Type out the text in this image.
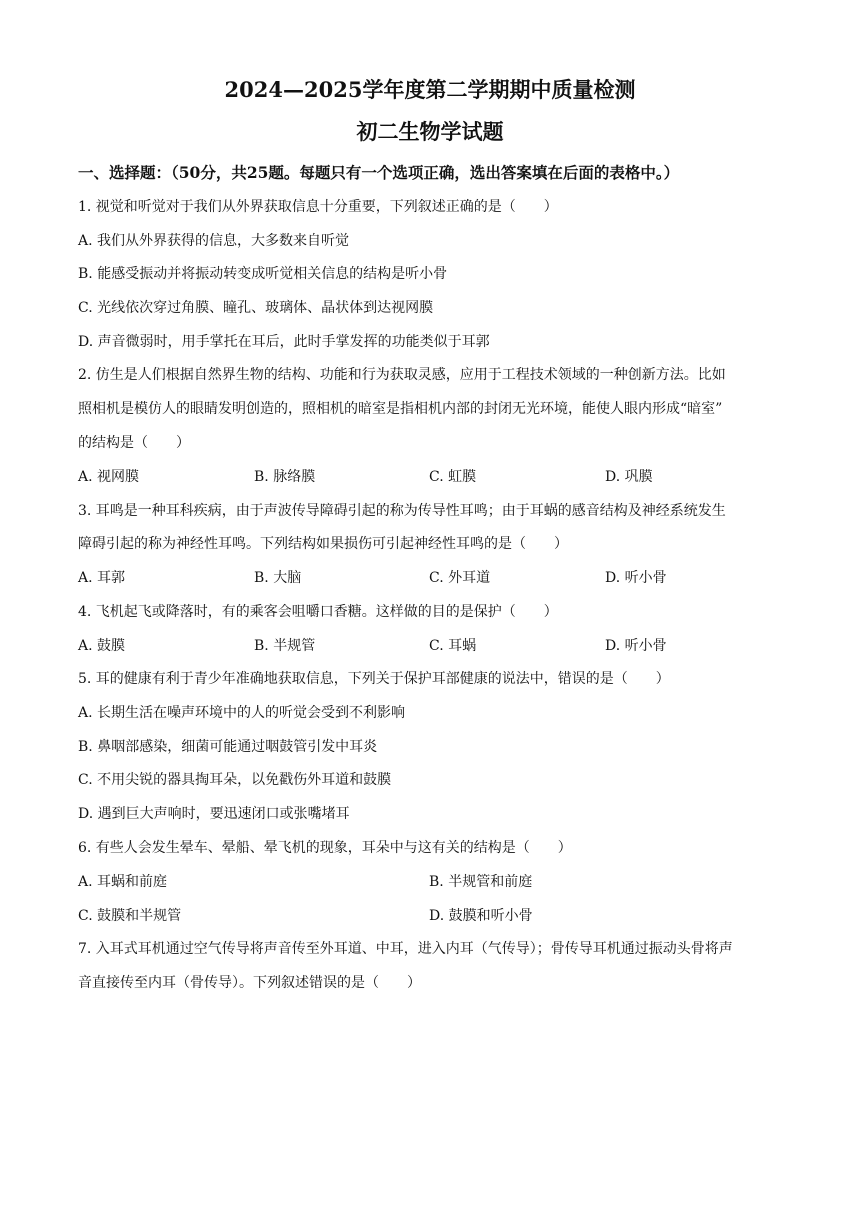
2024—2025学年度第二学期期中质量检测
初二生物学试题
一、选择题：（50分，共25题。每题只有一个选项正确，选出答案填在后面的表格中。）
1. 视觉和听觉对于我们从外界获取信息十分重要，下列叙述正确的是（　　）
A. 我们从外界获得的信息，大多数来自听觉
B. 能感受振动并将振动转变成听觉相关信息的结构是听小骨
C. 光线依次穿过角膜、瞳孔、玻璃体、晶状体到达视网膜
D. 声音微弱时，用手掌托在耳后，此时手掌发挥的功能类似于耳郭
2. 仿生是人们根据自然界生物的结构、功能和行为获取灵感，应用于工程技术领域的一种创新方法。比如
照相机是模仿人的眼睛发明创造的，照相机的暗室是指相机内部的封闭无光环境，能使人眼内形成“暗室”
的结构是（　　）
A. 视网膜	B. 脉络膜	C. 虹膜	D. 巩膜
3. 耳鸣是一种耳科疾病，由于声波传导障碍引起的称为传导性耳鸣；由于耳蜗的感音结构及神经系统发生
障碍引起的称为神经性耳鸣。下列结构如果损伤可引起神经性耳鸣的是（　　）
A. 耳郭	B. 大脑	C. 外耳道	D. 听小骨
4. 飞机起飞或降落时，有的乘客会咀嚼口香糖。这样做的目的是保护（　　）
A. 鼓膜	B. 半规管	C. 耳蜗	D. 听小骨
5. 耳的健康有利于青少年准确地获取信息，下列关于保护耳部健康的说法中，错误的是（　　）
A. 长期生活在噪声环境中的人的听觉会受到不利影响
B. 鼻咽部感染，细菌可能通过咽鼓管引发中耳炎
C. 不用尖锐的器具掏耳朵，以免戳伤外耳道和鼓膜
D. 遇到巨大声响时，要迅速闭口或张嘴堵耳
6. 有些人会发生晕车、晕船、晕飞机的现象，耳朵中与这有关的结构是（　　）
A. 耳蜗和前庭	B. 半规管和前庭
C. 鼓膜和半规管	D. 鼓膜和听小骨
7. 入耳式耳机通过空气传导将声音传至外耳道、中耳，进入内耳（气传导）；骨传导耳机通过振动头骨将声
音直接传至内耳（骨传导）。下列叙述错误的是（　　）
